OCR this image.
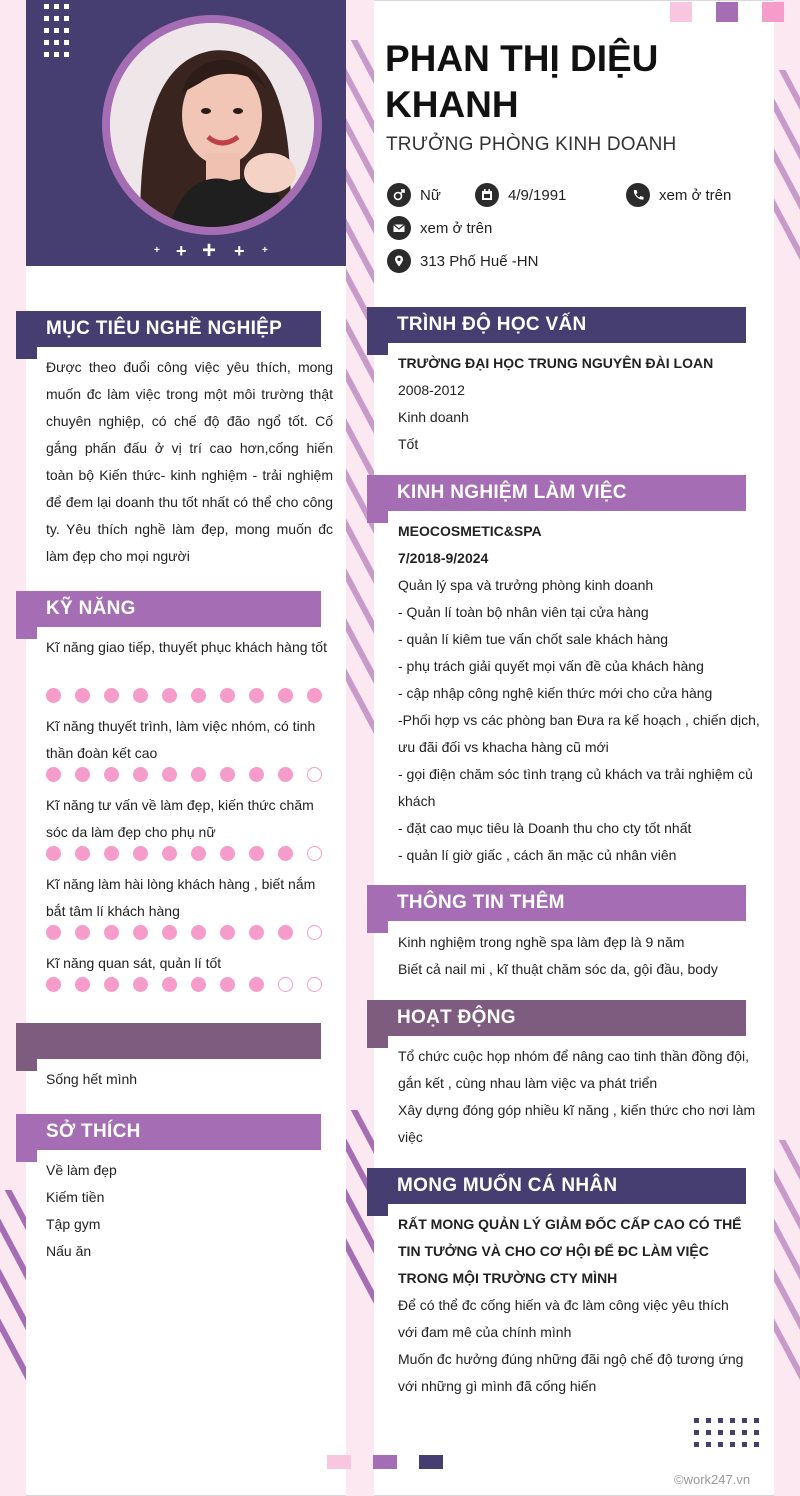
+ + + + +
PHAN THỊ DIỆU KHANH
TRƯỞNG PHÒNG KINH DOANH
Nữ	4/9/1991	xem ở trên
xem ở trên
313 Phố Huế -HN
MỤC TIÊU NGHỀ NGHIỆP
Được theo đuổi công việc yêu thích, mong muốn đc làm việc trong một môi trường thật chuyên nghiệp, có chế độ đão ngổ tốt. Cố gắng phấn đấu ở vị trí cao hơn,cống hiến toàn bộ Kiến thức- kinh nghiệm - trải nghiệm để đem lại doanh thu tốt nhất có thể cho công ty. Yêu thích nghề làm đẹp, mong muốn đc làm đẹp cho mọi người
KỸ NĂNG
Kĩ năng giao tiếp, thuyết phục khách hàng tốt
Kĩ năng thuyết trình, làm việc nhóm, có tinh thần đoàn kết cao
Kĩ năng tư vấn về làm đẹp, kiến thức chăm sóc da làm đẹp cho phụ nữ
Kĩ năng làm hài lòng khách hàng , biết nắm bắt tâm lí khách hàng
Kĩ năng quan sát, quản lí tốt
Sống hết mình
SỞ THÍCH
Về làm đẹp
Kiếm tiền
Tập gym
Nấu ăn
TRÌNH ĐỘ HỌC VẤN
TRƯỜNG ĐẠI HỌC TRUNG NGUYÊN ĐÀI LOAN
2008-2012
Kinh doanh
Tốt
KINH NGHIỆM LÀM VIỆC
MEOCOSMETIC&SPA
7/2018-9/2024
Quản lý spa và trưởng phòng kinh doanh
- Quản lí toàn bộ nhân viên tại cửa hàng
- quản lí kiêm tue vấn chốt sale khách hàng
- phụ trách giải quyết mọi vấn đề của khách hàng
- cập nhập công nghệ kiến thức mới cho cửa hàng
-Phối hợp vs các phòng ban Đưa ra kế hoạch , chiến dịch, ưu đãi đối vs khacha hàng cũ mới
- gọi điện chăm sóc tình trạng củ khách va trải nghiệm củ khách
- đặt cao mục tiêu là Doanh thu cho cty tốt nhất
- quản lí giờ giấc , cách ăn mặc củ nhân viên
THÔNG TIN THÊM
Kinh nghiệm trong nghề spa làm đẹp là 9 năm
Biết cả nail mi , kĩ thuật chăm sóc da, gội đầu, body
HOẠT ĐỘNG
Tổ chức cuộc họp nhóm để nâng cao tinh thần đồng đội, gắn kết , cùng nhau làm việc va phát triển
Xây dựng đóng góp nhiều kĩ năng , kiến thức cho nơi làm việc
MONG MUỐN CÁ NHÂN
RẤT MONG QUẢN LÝ GIẢM ĐỐC CẤP CAO CÓ THỂ TIN TƯỞNG VÀ CHO CƠ HỘI ĐỂ ĐC LÀM VIỆC TRONG MỘI TRƯỜNG CTY MÌNH
Để có thể đc cống hiến và đc làm công việc yêu thích với đam mê của chính mình
Muốn đc hưởng đúng những đãi ngộ chế độ tương ứng với những gì mình đã cống hiến
©work247.vn
